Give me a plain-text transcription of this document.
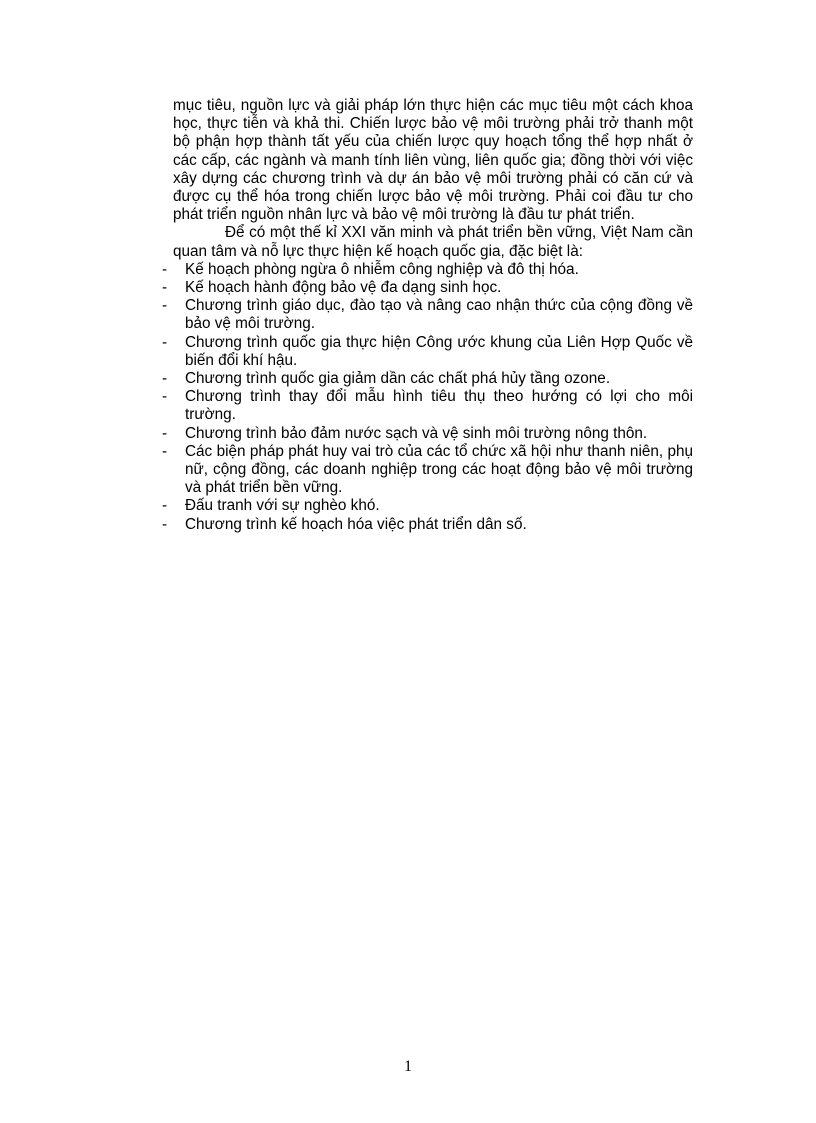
mục tiêu, nguồn lực và giải pháp lớn thực hiện các mục tiêu một cách khoa học, thực tiễn và khả thi. Chiến lược bảo vệ môi trường phải trở thanh một bộ phận hợp thành tất yếu của chiến lược quy hoạch tổng thể hợp nhất ở các cấp, các ngành và manh tính liên vùng, liên quốc gia; đồng thời với việc xây dựng các chương trình và dự án bảo vệ môi trường phải có căn cứ và được cụ thể hóa trong chiến lược bảo vệ môi trường. Phải coi đầu tư cho phát triển nguồn nhân lực và bảo vệ môi trường là đầu tư phát triển.

Để có một thế kỉ XXI văn minh và phát triển bền vững, Việt Nam cần quan tâm và nỗ lực thực hiện kế hoạch quốc gia, đặc biệt là:

-	Kế hoạch phòng ngừa ô nhiễm công nghiệp và đô thị hóa.
-	Kế hoạch hành động bảo vệ đa dạng sinh học.
-	Chương trình giáo dục, đào tạo và nâng cao nhận thức của cộng đồng về bảo vệ môi trường.
-	Chương trình quốc gia thực hiện Công ước khung của Liên Hợp Quốc về biến đổi khí hậu.
-	Chương trình quốc gia giảm dần các chất phá hủy tầng ozone.
-	Chương trình thay đổi mẫu hình tiêu thụ theo hướng có lợi cho môi trường.
-	Chương trình bảo đảm nước sạch và vệ sinh môi trường nông thôn.
-	Các biện pháp phát huy vai trò của các tổ chức xã hội như thanh niên, phụ nữ, cộng đồng, các doanh nghiệp trong các hoạt động bảo vệ môi trường và phát triển bền vững.
-	Đấu tranh với sự nghèo khó.
-	Chương trình kế hoạch hóa việc phát triển dân số.
1
